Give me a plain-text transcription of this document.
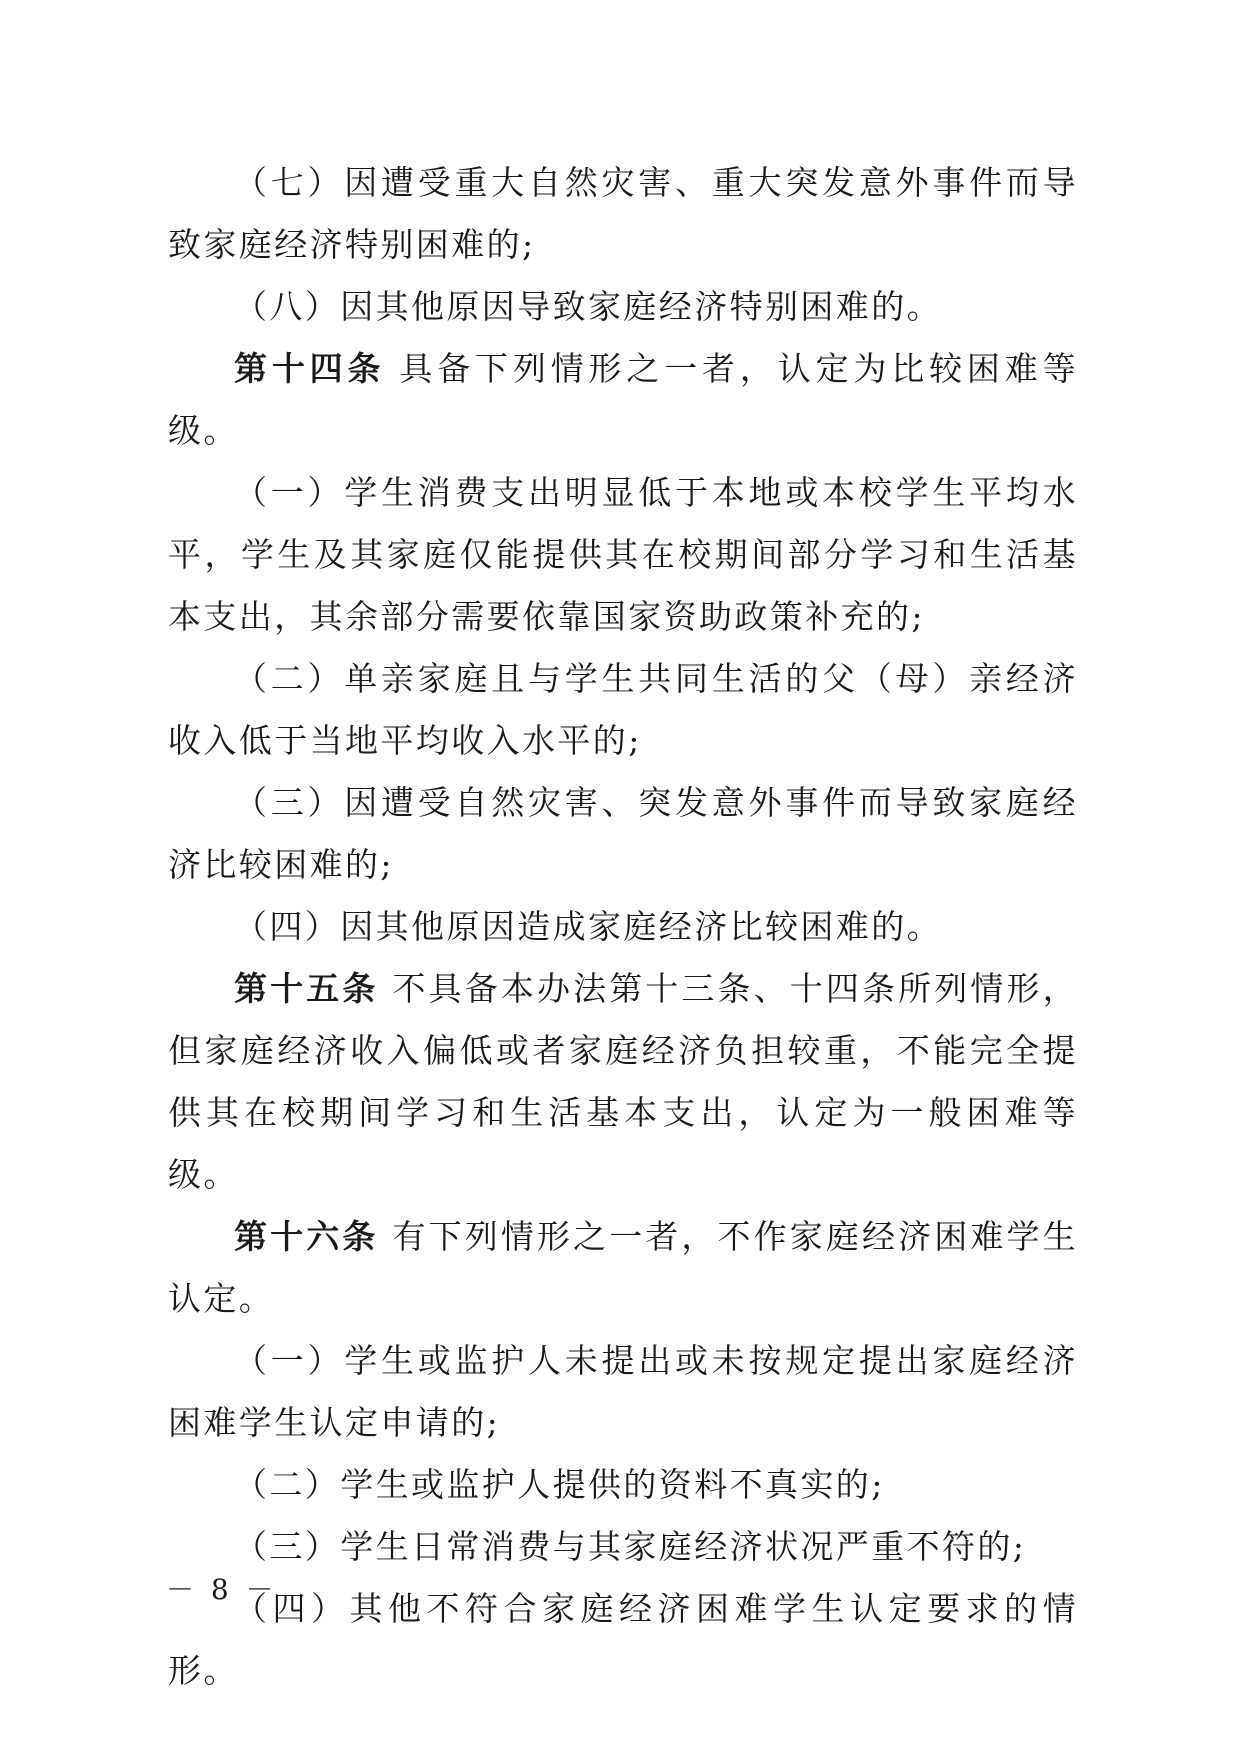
（七）因遭受重大自然灾害、重大突发意外事件而导致家庭经济特别困难的;

（八）因其他原因导致家庭经济特别困难的。

第十四条 具备下列情形之一者，认定为比较困难等级。

（一）学生消费支出明显低于本地或本校学生平均水平，学生及其家庭仅能提供其在校期间部分学习和生活基本支出，其余部分需要依靠国家资助政策补充的;

（二）单亲家庭且与学生共同生活的父（母）亲经济收入低于当地平均收入水平的;

（三）因遭受自然灾害、突发意外事件而导致家庭经济比较困难的;

（四）因其他原因造成家庭经济比较困难的。

第十五条 不具备本办法第十三条、十四条所列情形，但家庭经济收入偏低或者家庭经济负担较重，不能完全提供其在校期间学习和生活基本支出，认定为一般困难等级。

第十六条 有下列情形之一者，不作家庭经济困难学生认定。

（一）学生或监护人未提出或未按规定提出家庭经济困难学生认定申请的;

（二）学生或监护人提供的资料不真实的;

（三）学生日常消费与其家庭经济状况严重不符的;

（四）其他不符合家庭经济困难学生认定要求的情形。

－ 8 －
